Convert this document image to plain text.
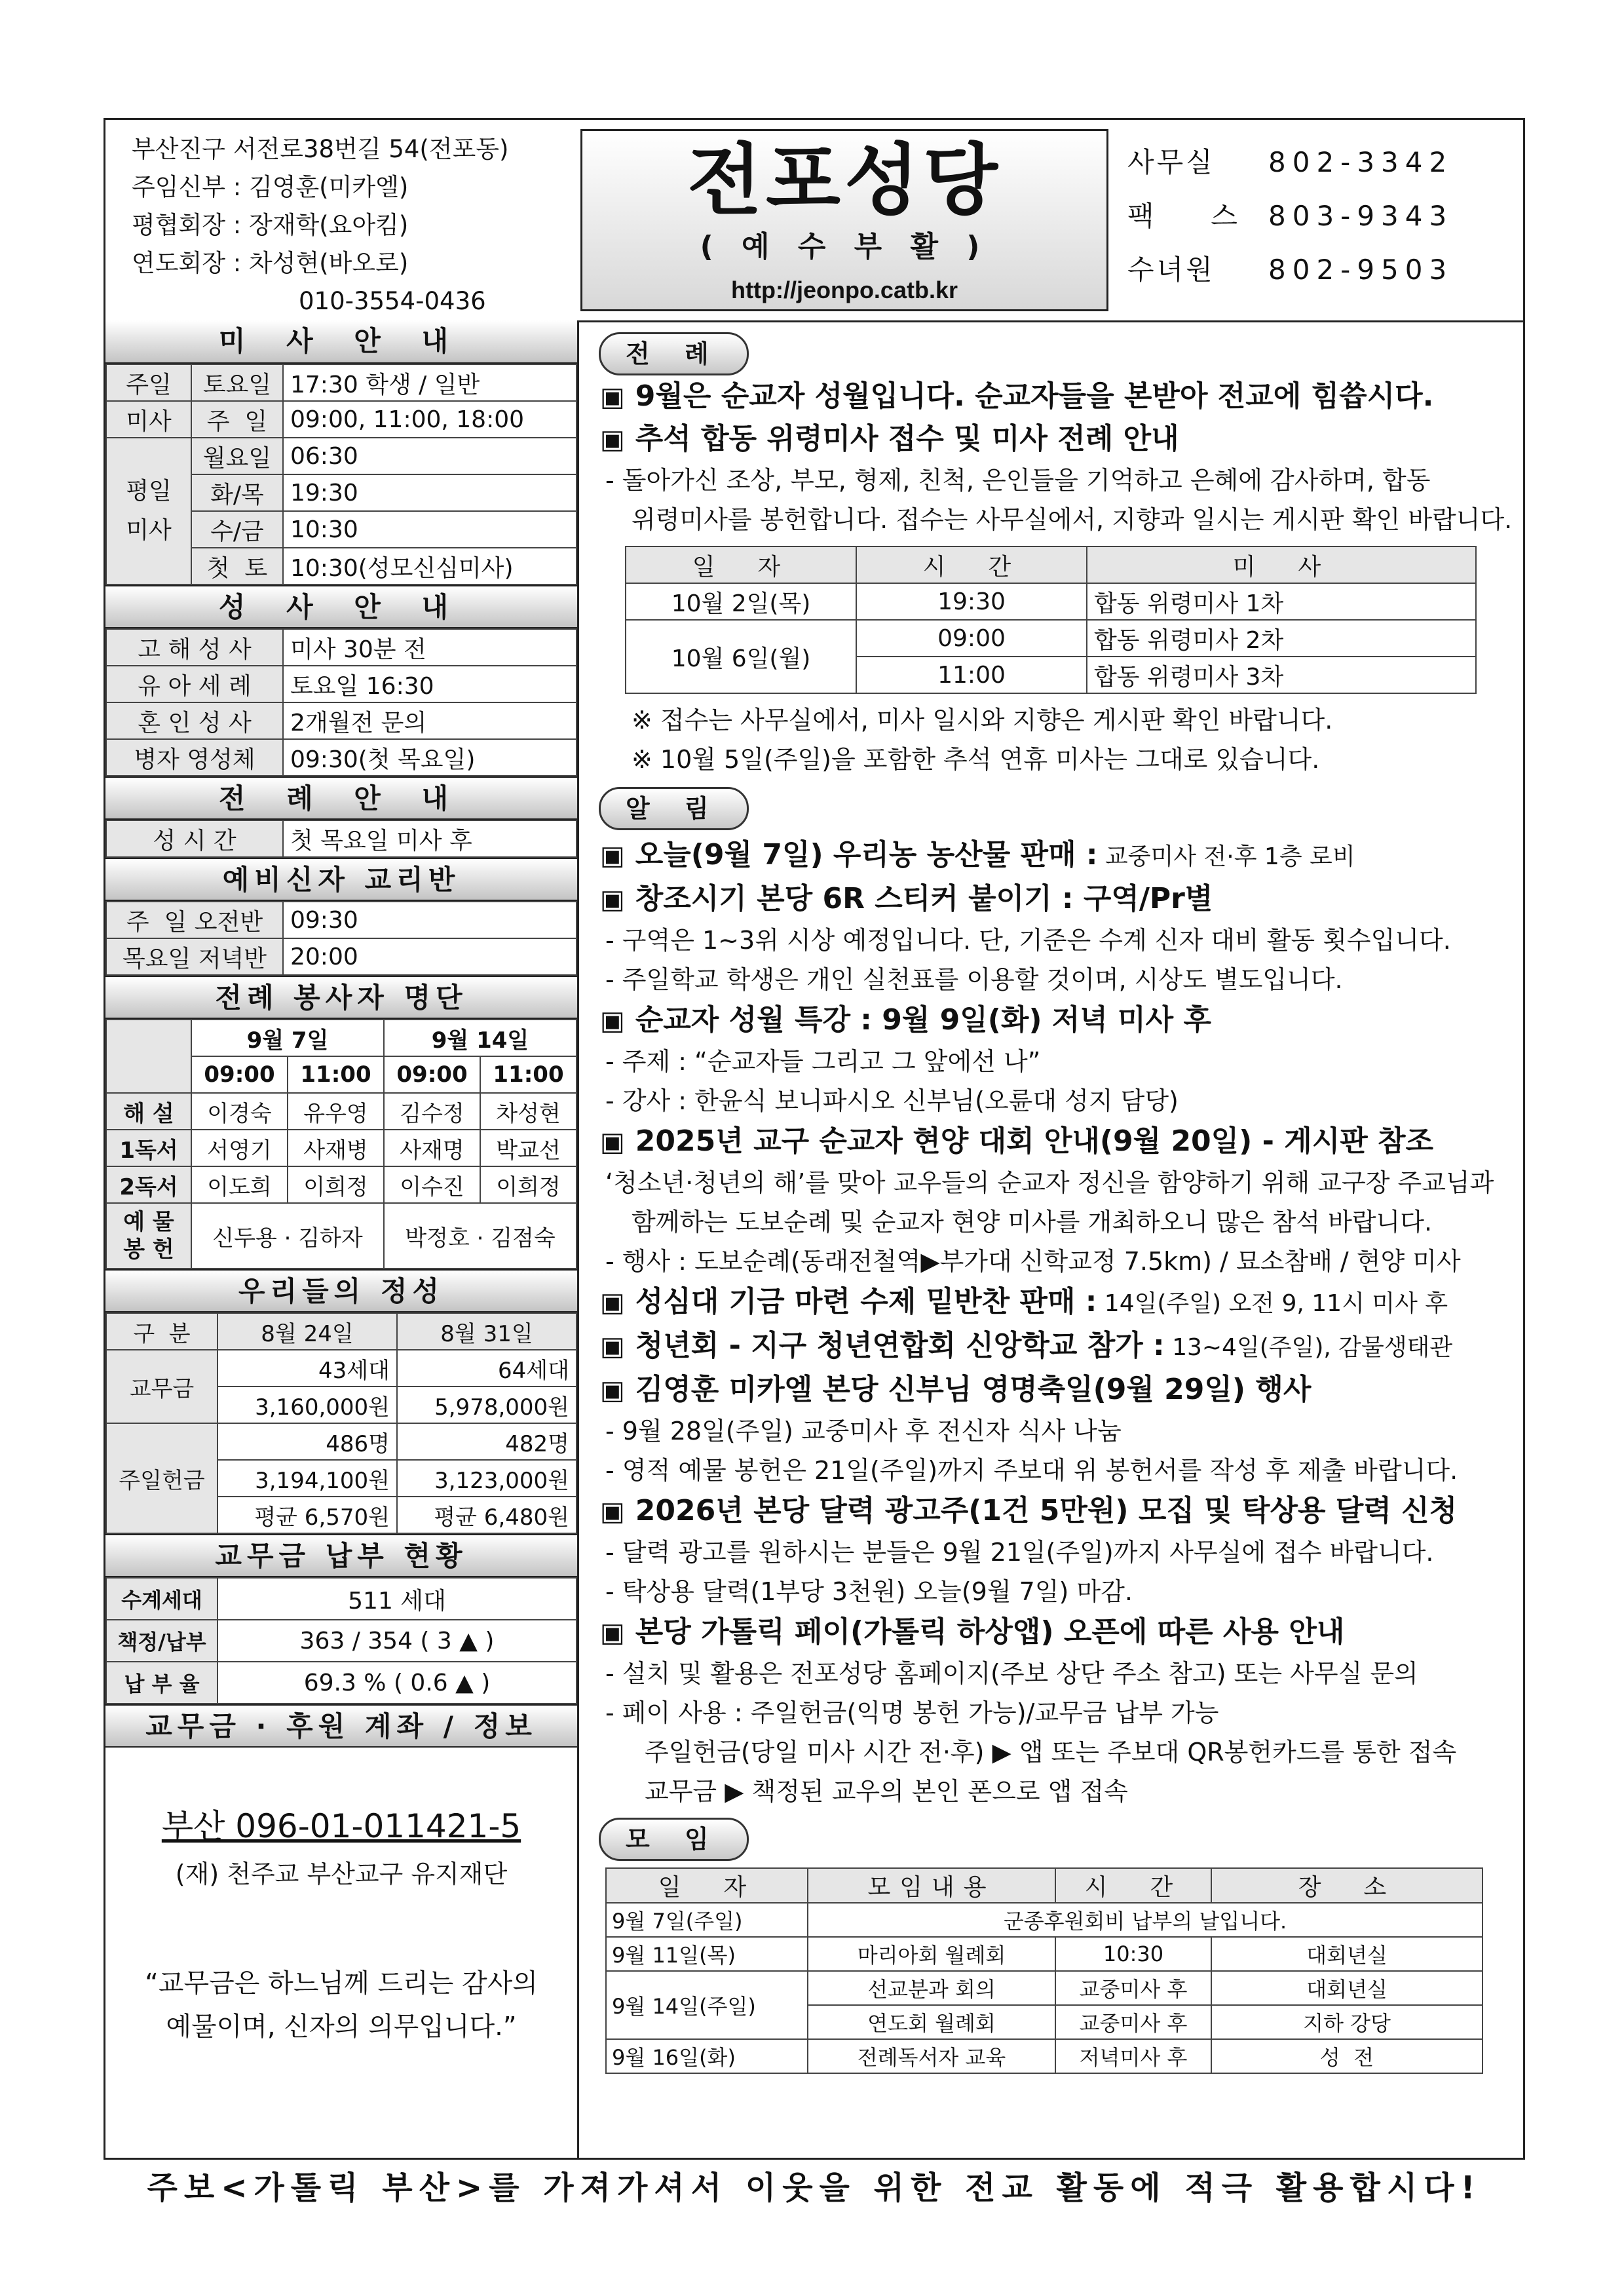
부산진구 서전로38번길 54(전포동)
주임신부 : 김영훈(미카엘)
평협회장 : 장재학(요아킴)
연도회장 : 차성현(바오로)
010-3554-0436
전포성당
( 예 수 부 활 )
http://jeonpo.catb.kr
사무실 802-3342
팩  스 803-9343
수녀원 802-9503
미 사 안 내
주일	토요일	17:30 학생 / 일반
미사	주  일	09:00, 11:00, 18:00

평일
미사	월요일	06:30
	화/목	19:30
	수/금	10:30
	첫  토	10:30(성모신심미사)
성 사 안 내
고 해 성 사	미사 30분 전
유 아 세 례	토요일 16:30
혼 인 성 사	2개월전 문의
병자 영성체	09:30(첫 목요일)
전 례 안 내
성 시 간	첫 목요일 미사 후
예비신자 교리반
주  일 오전반	09:30
목요일 저녁반	20:00
전례 봉사자 명단
	9월 7일		9월 14일	
	09:00	11:00	09:00	11:00
해 설	이경숙	유우영	김수정	차성현
1독서	서영기	사재병	사재명	박교선
2독서	이도희	이희정	이수진	이희정
예 물 봉 헌	신두용 · 김하자		박정호 · 김점숙	
우리들의 정성
구  분	8월 24일	8월 31일
교무금	43세대	64세대
	3,160,000원	5,978,000원
주일헌금	486명	482명
	3,194,100원	3,123,000원
	평균 6,570원	평균 6,480원
교무금 납부 현황
수계세대	511 세대
책정/납부	363 / 354 ( 3 ▲ )
납 부 율	69.3 % ( 0.6 ▲ )
교무금 · 후원 계좌 / 정보
부산 096-01-011421-5
(재) 천주교 부산교구 유지재단
“교무금은 하느님께 드리는 감사의
예물이며, 신자의 의무입니다.”
전 례
▣ 9월은 순교자 성월입니다. 순교자들을 본받아 전교에 힘씁시다.
▣ 추석 합동 위령미사 접수 및 미사 전례 안내
- 돌아가신 조상, 부모, 형제, 친척, 은인들을 기억하고 은혜에 감사하며, 합동
위령미사를 봉헌합니다. 접수는 사무실에서, 지향과 일시는 게시판 확인 바랍니다.
일  자	시  간	미  사
10월 2일(목)	19:30	합동 위령미사 1차
10월 6일(월)	09:00	합동 위령미사 2차
	11:00	합동 위령미사 3차
※ 접수는 사무실에서, 미사 일시와 지향은 게시판 확인 바랍니다.
※ 10월 5일(주일)을 포함한 추석 연휴 미사는 그대로 있습니다.
알 림
▣ 오늘(9월 7일) 우리농 농산물 판매 : 교중미사 전·후 1층 로비
▣ 창조시기 본당 6R 스티커 붙이기 : 구역/Pr별
- 구역은 1~3위 시상 예정입니다. 단, 기준은 수계 신자 대비 활동 횟수입니다.
- 주일학교 학생은 개인 실천표를 이용할 것이며, 시상도 별도입니다.
▣ 순교자 성월 특강 : 9월 9일(화) 저녁 미사 후
- 주제 : “순교자들 그리고 그 앞에선 나”
- 강사 : 한윤식 보니파시오 신부님(오륜대 성지 담당)
▣ 2025년 교구 순교자 현양 대회 안내(9월 20일) - 게시판 참조
‘청소년·청년의 해’를 맞아 교우들의 순교자 정신을 함양하기 위해 교구장 주교님과
함께하는 도보순례 및 순교자 현양 미사를 개최하오니 많은 참석 바랍니다.
- 행사 : 도보순례(동래전철역▶부가대 신학교정 7.5km) / 묘소참배 / 현양 미사
▣ 성심대 기금 마련 수제 밑반찬 판매 : 14일(주일) 오전 9, 11시 미사 후
▣ 청년회 - 지구 청년연합회 신앙학교 참가 : 13~4일(주일), 감물생태관
▣ 김영훈 미카엘 본당 신부님 영명축일(9월 29일) 행사
- 9월 28일(주일) 교중미사 후 전신자 식사 나눔
- 영적 예물 봉헌은 21일(주일)까지 주보대 위 봉헌서를 작성 후 제출 바랍니다.
▣ 2026년 본당 달력 광고주(1건 5만원) 모집 및 탁상용 달력 신청
- 달력 광고를 원하시는 분들은 9월 21일(주일)까지 사무실에 접수 바랍니다.
- 탁상용 달력(1부당 3천원) 오늘(9월 7일) 마감.
▣ 본당 가톨릭 페이(가톨릭 하상앱) 오픈에 따른 사용 안내
- 설치 및 활용은 전포성당 홈페이지(주보 상단 주소 참고) 또는 사무실 문의
- 페이 사용 : 주일헌금(익명 봉헌 가능)/교무금 납부 가능
주일헌금(당일 미사 시간 전·후) ▶ 앱 또는 주보대 QR봉헌카드를 통한 접속
교무금 ▶ 책정된 교우의 본인 폰으로 앱 접속
모 임
일  자	모임내용	시  간	장  소
9월 7일(주일)	군종후원회비 납부의 날입니다.		
9월 11일(목)	마리아회 월례회	10:30	대회년실
9월 14일(주일)	선교분과 회의	교중미사 후	대회년실
	연도회 월례회	교중미사 후	지하 강당
9월 16일(화)	전례독서자 교육	저녁미사 후	성  전
주보<가톨릭 부산>를 가져가셔서 이웃을 위한 전교 활동에 적극 활용합시다!
